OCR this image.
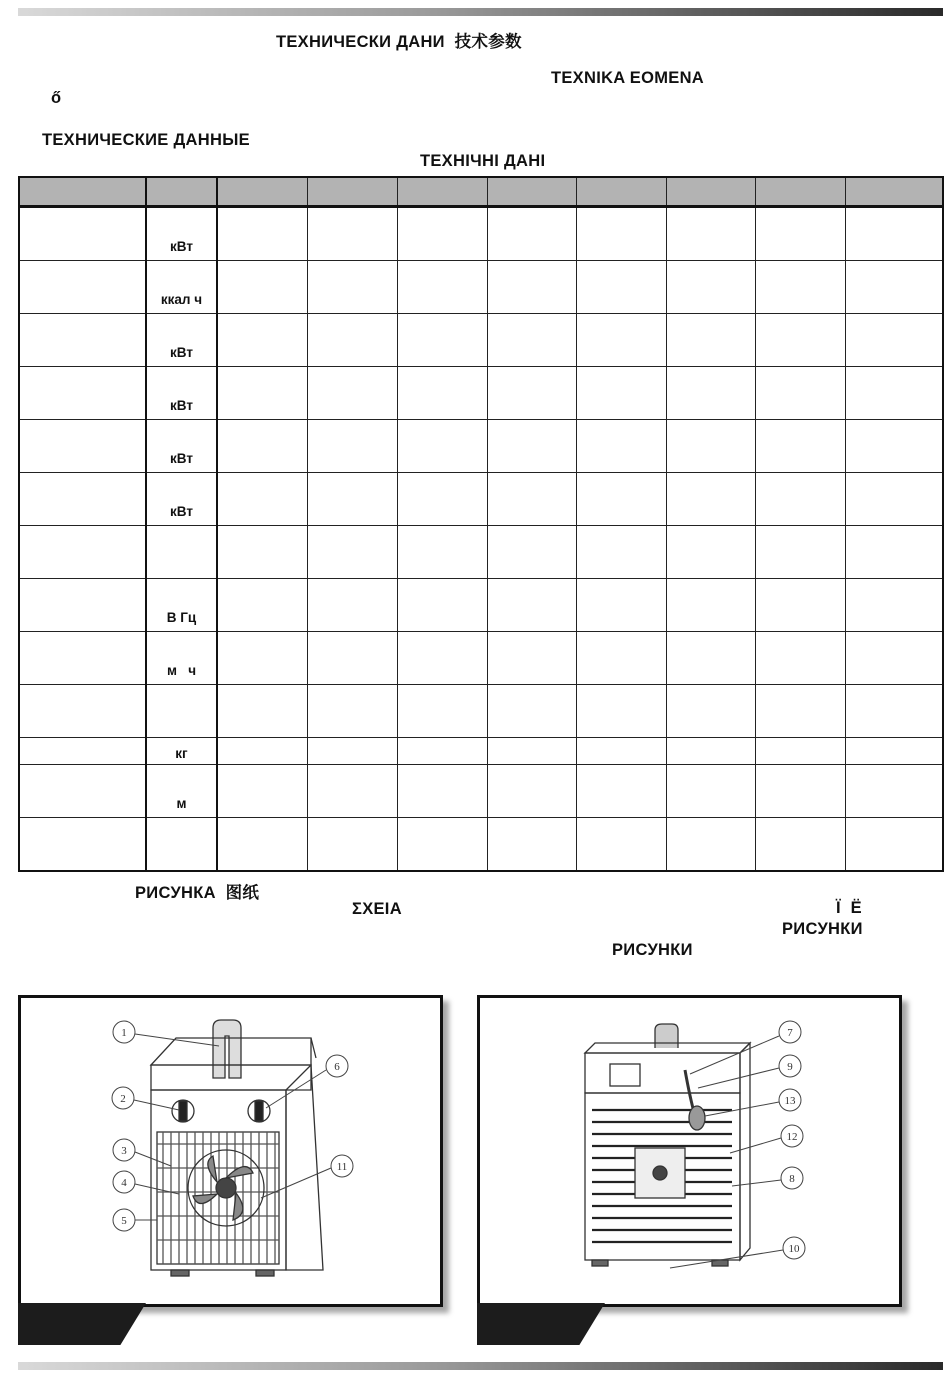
ТЕХНИЧЕСКИ ДАНИ 技术参数
TEXNIKA EOMENA
ő
ТЕХНИЧЕСКИЕ ДАННЫЕ
ТЕХНІЧНІ ДАНІ

	кВт								
	ккал ч								
	кВт								
	кВт								
	кВт								
	кВт								

	В Гц								
	м   ч								

	кг								
	м								

РИСУНКА 图纸
ΣΧΕΙΑ	Ï  Ë
РИСУНКИ
РИСУНКИ
1
2
3
4
5
6
11
7
9
13
12
8
10
